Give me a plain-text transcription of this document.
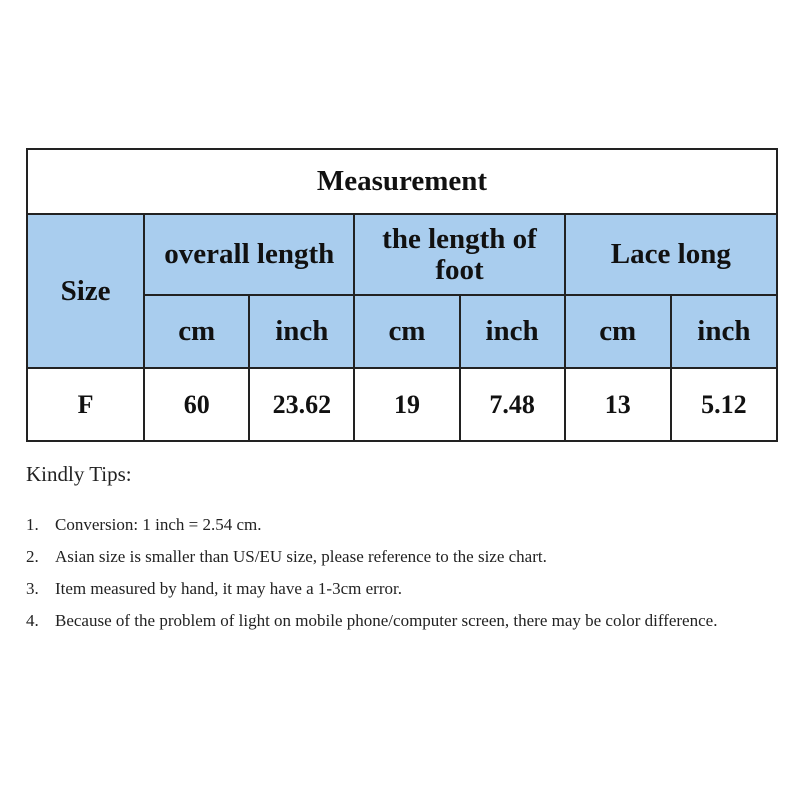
Measurement						
Size	overall length		the length of foot		Lace long	
	cm	inch	cm	inch	cm	inch
F	60	23.62	19	7.48	13	5.12
Kindly Tips:
1. Conversion: 1 inch = 2.54 cm.
2. Asian size is smaller than US/EU size, please reference to the size chart.
3. Item measured by hand, it may have a 1-3cm error.
4. Because of the problem of light on mobile phone/computer screen, there may be color difference.
